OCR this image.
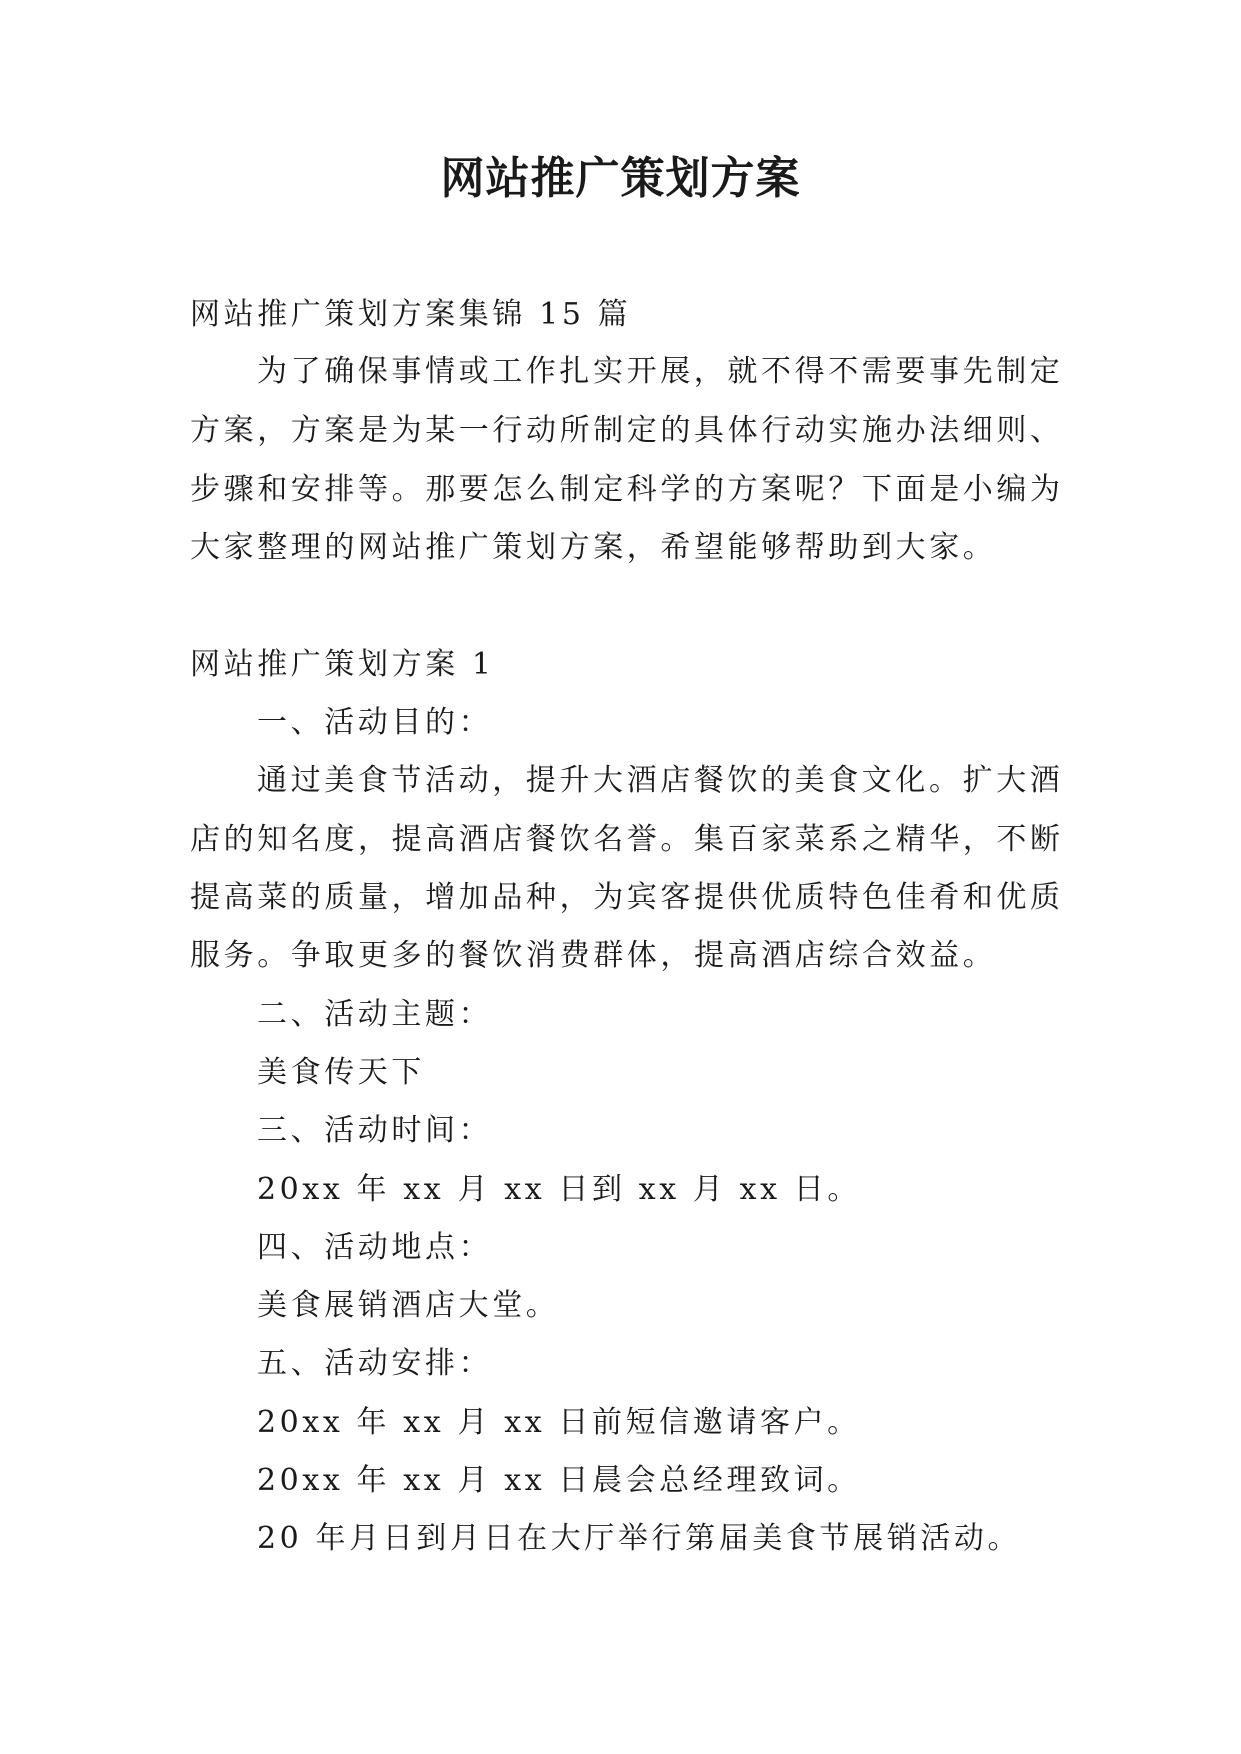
网站推广策划方案
网站推广策划方案集锦 15 篇
为了确保事情或工作扎实开展，就不得不需要事先制定
方案，方案是为某一行动所制定的具体行动实施办法细则、
步骤和安排等。那要怎么制定科学的方案呢？下面是小编为
大家整理的网站推广策划方案，希望能够帮助到大家。
网站推广策划方案 1
一、活动目的：
通过美食节活动，提升大酒店餐饮的美食文化。扩大酒
店的知名度，提高酒店餐饮名誉。集百家菜系之精华，不断
提高菜的质量，增加品种，为宾客提供优质特色佳肴和优质
服务。争取更多的餐饮消费群体，提高酒店综合效益。
二、活动主题：
美食传天下
三、活动时间：
20xx 年 xx 月 xx 日到 xx 月 xx 日。
四、活动地点：
美食展销酒店大堂。
五、活动安排：
20xx 年 xx 月 xx 日前短信邀请客户。
20xx 年 xx 月 xx 日晨会总经理致词。
20 年月日到月日在大厅举行第届美食节展销活动。
